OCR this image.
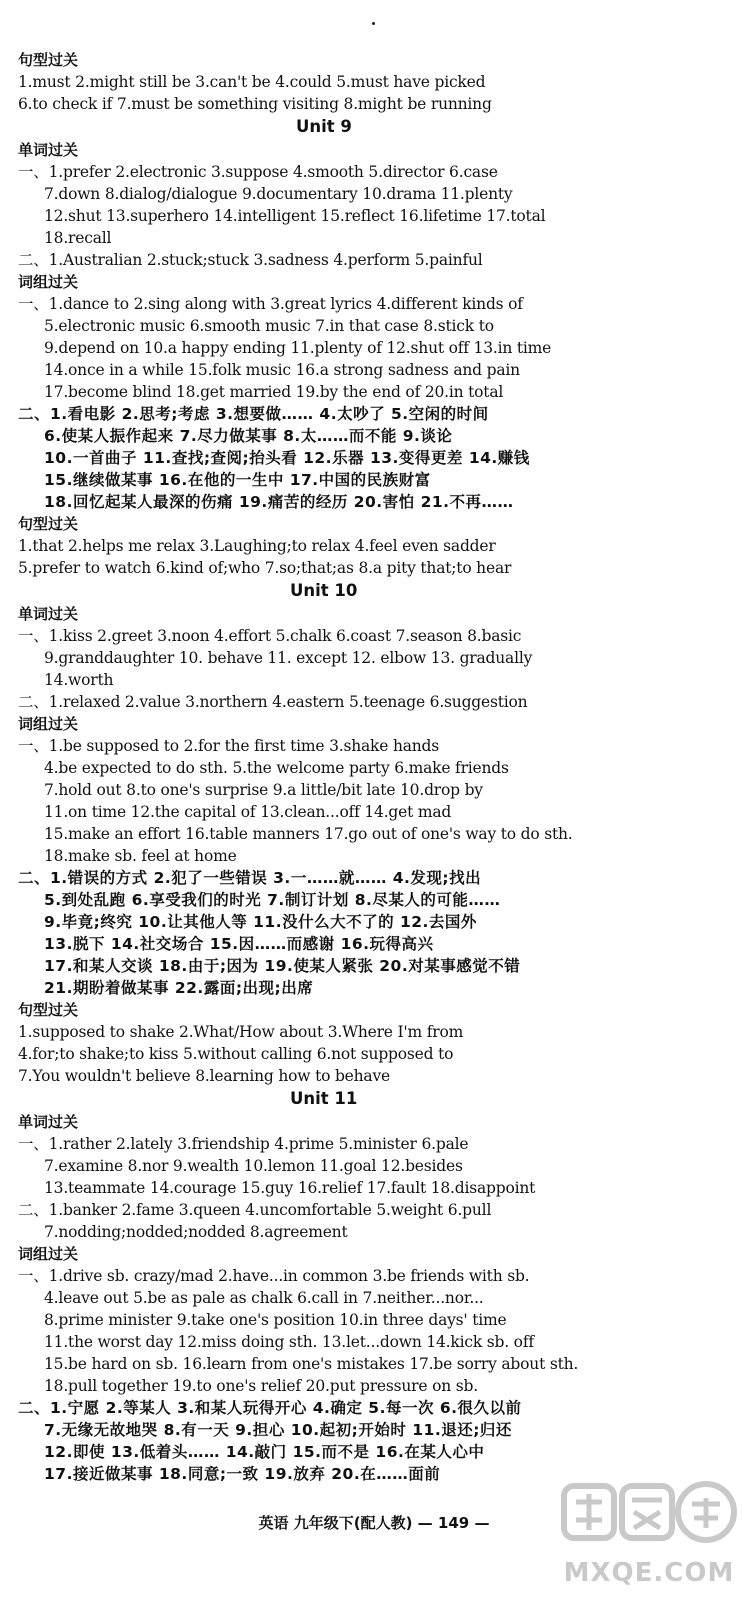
句型过关
1.must 2.might still be 3.can't be 4.could 5.must have picked
6.to check if 7.must be something visiting 8.might be running
Unit 9
单词过关
一、1.prefer 2.electronic 3.suppose 4.smooth 5.director 6.case
7.down 8.dialog/dialogue 9.documentary 10.drama 11.plenty
12.shut 13.superhero 14.intelligent 15.reflect 16.lifetime 17.total
18.recall
二、1.Australian 2.stuck;stuck 3.sadness 4.perform 5.painful
词组过关
一、1.dance to 2.sing along with 3.great lyrics 4.different kinds of
5.electronic music 6.smooth music 7.in that case 8.stick to
9.depend on 10.a happy ending 11.plenty of 12.shut off 13.in time
14.once in a while 15.folk music 16.a strong sadness and pain
17.become blind 18.get married 19.by the end of 20.in total
二、1.看电影 2.思考;考虑 3.想要做…… 4.太吵了 5.空闲的时间
6.使某人振作起来 7.尽力做某事 8.太……而不能 9.谈论
10.一首曲子 11.查找;查阅;抬头看 12.乐器 13.变得更差 14.赚钱
15.继续做某事 16.在他的一生中 17.中国的民族财富
18.回忆起某人最深的伤痛 19.痛苦的经历 20.害怕 21.不再……
句型过关
1.that 2.helps me relax 3.Laughing;to relax 4.feel even sadder
5.prefer to watch 6.kind of;who 7.so;that;as 8.a pity that;to hear
Unit 10
单词过关
一、1.kiss 2.greet 3.noon 4.effort 5.chalk 6.coast 7.season 8.basic
9.granddaughter 10. behave 11. except 12. elbow 13. gradually
14.worth
二、1.relaxed 2.value 3.northern 4.eastern 5.teenage 6.suggestion
词组过关
一、1.be supposed to 2.for the first time 3.shake hands
4.be expected to do sth. 5.the welcome party 6.make friends
7.hold out 8.to one's surprise 9.a little/bit late 10.drop by
11.on time 12.the capital of 13.clean...off 14.get mad
15.make an effort 16.table manners 17.go out of one's way to do sth.
18.make sb. feel at home
二、1.错误的方式 2.犯了一些错误 3.一……就…… 4.发现;找出
5.到处乱跑 6.享受我们的时光 7.制订计划 8.尽某人的可能……
9.毕竟;终究 10.让其他人等 11.没什么大不了的 12.去国外
13.脱下 14.社交场合 15.因……而感谢 16.玩得高兴
17.和某人交谈 18.由于;因为 19.使某人紧张 20.对某事感觉不错
21.期盼着做某事 22.露面;出现;出席
句型过关
1.supposed to shake 2.What/How about 3.Where I'm from
4.for;to shake;to kiss 5.without calling 6.not supposed to
7.You wouldn't believe 8.learning how to behave
Unit 11
单词过关
一、1.rather 2.lately 3.friendship 4.prime 5.minister 6.pale
7.examine 8.nor 9.wealth 10.lemon 11.goal 12.besides
13.teammate 14.courage 15.guy 16.relief 17.fault 18.disappoint
二、1.banker 2.fame 3.queen 4.uncomfortable 5.weight 6.pull
7.nodding;nodded;nodded 8.agreement
词组过关
一、1.drive sb. crazy/mad 2.have...in common 3.be friends with sb.
4.leave out 5.be as pale as chalk 6.call in 7.neither...nor...
8.prime minister 9.take one's position 10.in three days' time
11.the worst day 12.miss doing sth. 13.let...down 14.kick sb. off
15.be hard on sb. 16.learn from one's mistakes 17.be sorry about sth.
18.pull together 19.to one's relief 20.put pressure on sb.
二、1.宁愿 2.等某人 3.和某人玩得开心 4.确定 5.每一次 6.很久以前
7.无缘无故地哭 8.有一天 9.担心 10.起初;开始时 11.退还;归还
12.即使 13.低着头…… 14.敲门 15.而不是 16.在某人心中
17.接近做某事 18.同意;一致 19.放弃 20.在……面前
英语 九年级下(配人教) — 149 —
MXQE.COM
